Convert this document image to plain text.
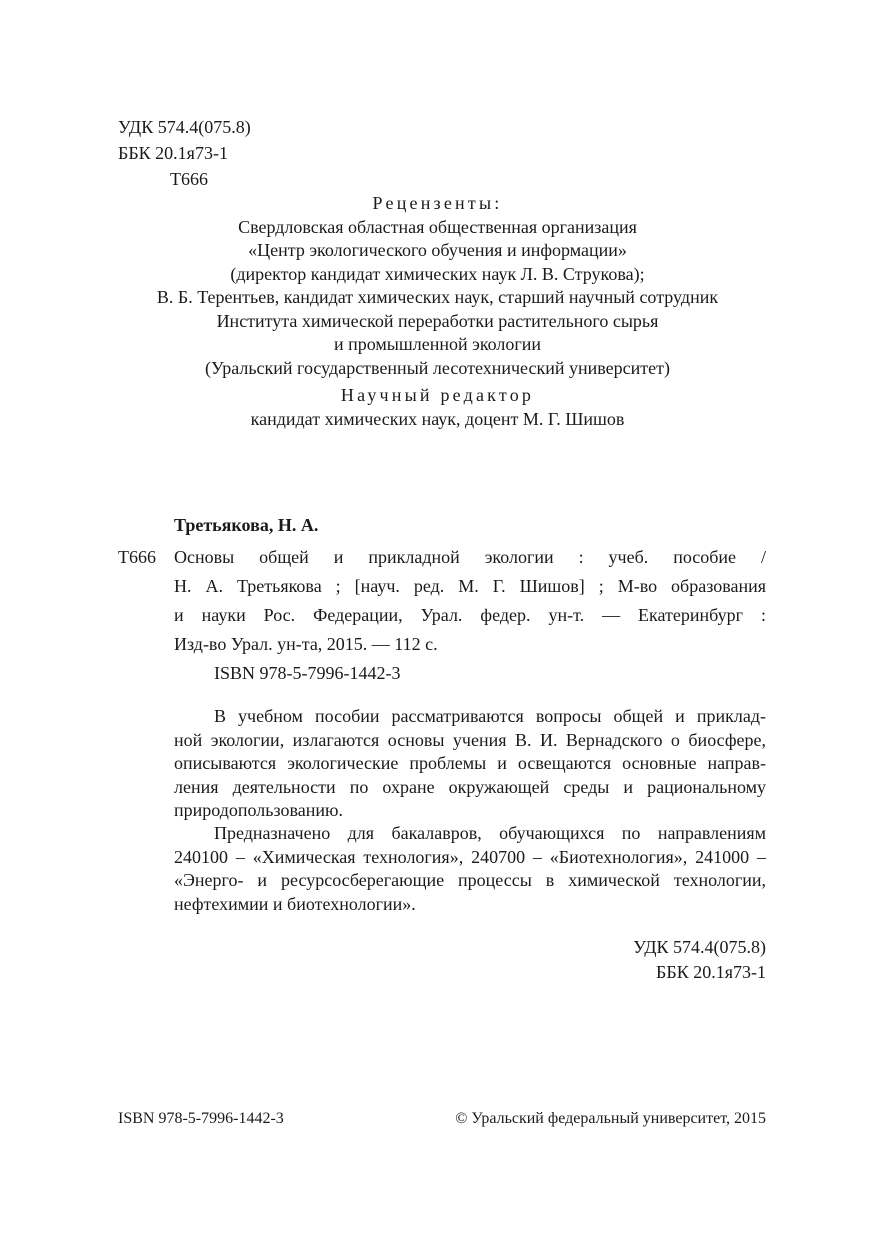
УДК 574.4(075.8)
ББК 20.1я73-1
Т666
Рецензенты:
Свердловская областная общественная организация
«Центр экологического обучения и информации»
(директор кандидат химических наук Л. В. Струкова);
В. Б. Терентьев, кандидат химических наук, старший научный сотрудник
Института химической переработки растительного сырья
и промышленной экологии
(Уральский государственный лесотехнический университет)
Научный редактор
кандидат химических наук, доцент М. Г. Шишов
Третьякова, Н. А.
Т666 Основы общей и прикладной экологии : учеб. пособие /
Н. А. Третьякова ; [науч. ред. М. Г. Шишов] ; М-во образования
и науки Рос. Федерации, Урал. федер. ун-т. — Екатеринбург :
Изд-во Урал. ун-та, 2015. — 112 с.
ISBN 978-5-7996-1442-3
В учебном пособии рассматриваются вопросы общей и приклад-
ной экологии, излагаются основы учения В. И. Вернадского о биосфере,
описываются экологические проблемы и освещаются основные направ-
ления деятельности по охране окружающей среды и рациональному
природопользованию.
Предназначено для бакалавров, обучающихся по направлениям
240100 – «Химическая технология», 240700 – «Биотехнология», 241000 –
«Энерго- и ресурсосберегающие процессы в химической технологии,
нефтехимии и биотехнологии».
УДК 574.4(075.8)
ББК 20.1я73-1
ISBN 978-5-7996-1442-3	© Уральский федеральный университет, 2015
